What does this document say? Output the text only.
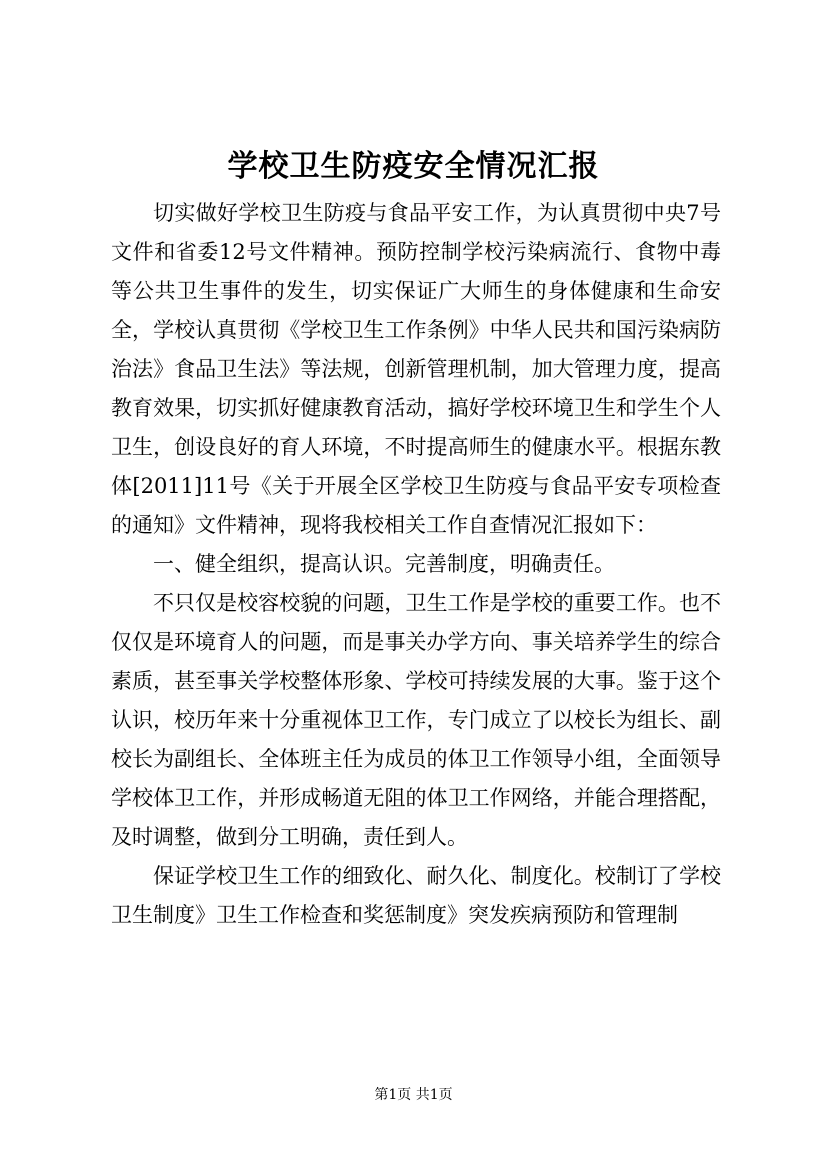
学校卫生防疫安全情况汇报

切实做好学校卫生防疫与食品平安工作，为认真贯彻中央7号文件和省委12号文件精神。预防控制学校污染病流行、食物中毒等公共卫生事件的发生，切实保证广大师生的身体健康和生命安全，学校认真贯彻《学校卫生工作条例》中华人民共和国污染病防治法》食品卫生法》等法规，创新管理机制，加大管理力度，提高教育效果，切实抓好健康教育活动，搞好学校环境卫生和学生个人卫生，创设良好的育人环境，不时提高师生的健康水平。根据东教体[2011]11号《关于开展全区学校卫生防疫与食品平安专项检查的通知》文件精神，现将我校相关工作自查情况汇报如下：

一、健全组织，提高认识。完善制度，明确责任。

不只仅是校容校貌的问题，卫生工作是学校的重要工作。也不仅仅是环境育人的问题，而是事关办学方向、事关培养学生的综合素质，甚至事关学校整体形象、学校可持续发展的大事。鉴于这个认识，校历年来十分重视体卫工作，专门成立了以校长为组长、副校长为副组长、全体班主任为成员的体卫工作领导小组，全面领导学校体卫工作，并形成畅道无阻的体卫工作网络，并能合理搭配，及时调整，做到分工明确，责任到人。

保证学校卫生工作的细致化、耐久化、制度化。校制订了学校卫生制度》卫生工作检查和奖惩制度》突发疾病预防和管理制

第1页 共1页
